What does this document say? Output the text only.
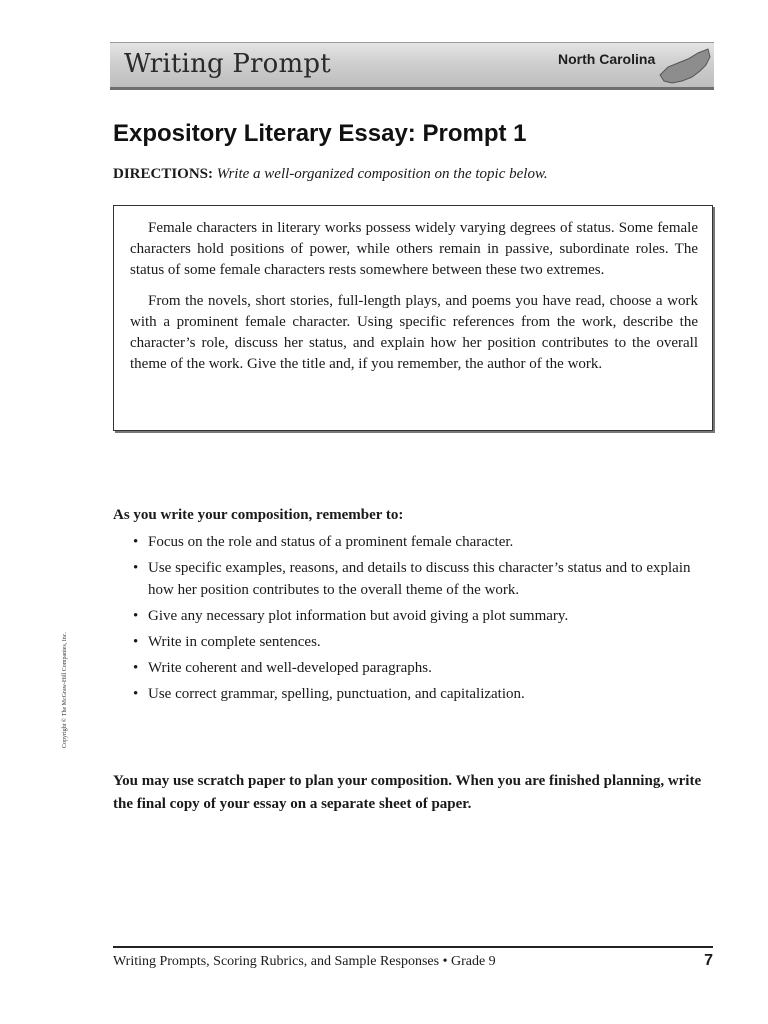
Writing Prompt	North Carolina
Expository Literary Essay: Prompt 1
DIRECTIONS: Write a well-organized composition on the topic below.

Female characters in literary works possess widely varying degrees of status. Some female characters hold positions of power, while others remain in passive, subordinate roles. The status of some female characters rests somewhere between these two extremes.

From the novels, short stories, full-length plays, and poems you have read, choose a work with a prominent female character. Using specific references from the work, describe the character’s role, discuss her status, and explain how her position contributes to the overall theme of the work. Give the title and, if you remember, the author of the work.

As you write your composition, remember to:
• Focus on the role and status of a prominent female character.
• Use specific examples, reasons, and details to discuss this character’s status and to explain how her position contributes to the overall theme of the work.
• Give any necessary plot information but avoid giving a plot summary.
• Write in complete sentences.
• Write coherent and well-developed paragraphs.
• Use correct grammar, spelling, punctuation, and capitalization.
Copyright © The McGraw-Hill Companies, Inc.
You may use scratch paper to plan your composition. When you are finished planning, write the final copy of your essay on a separate sheet of paper.
Writing Prompts, Scoring Rubrics, and Sample Responses • Grade 9	7
